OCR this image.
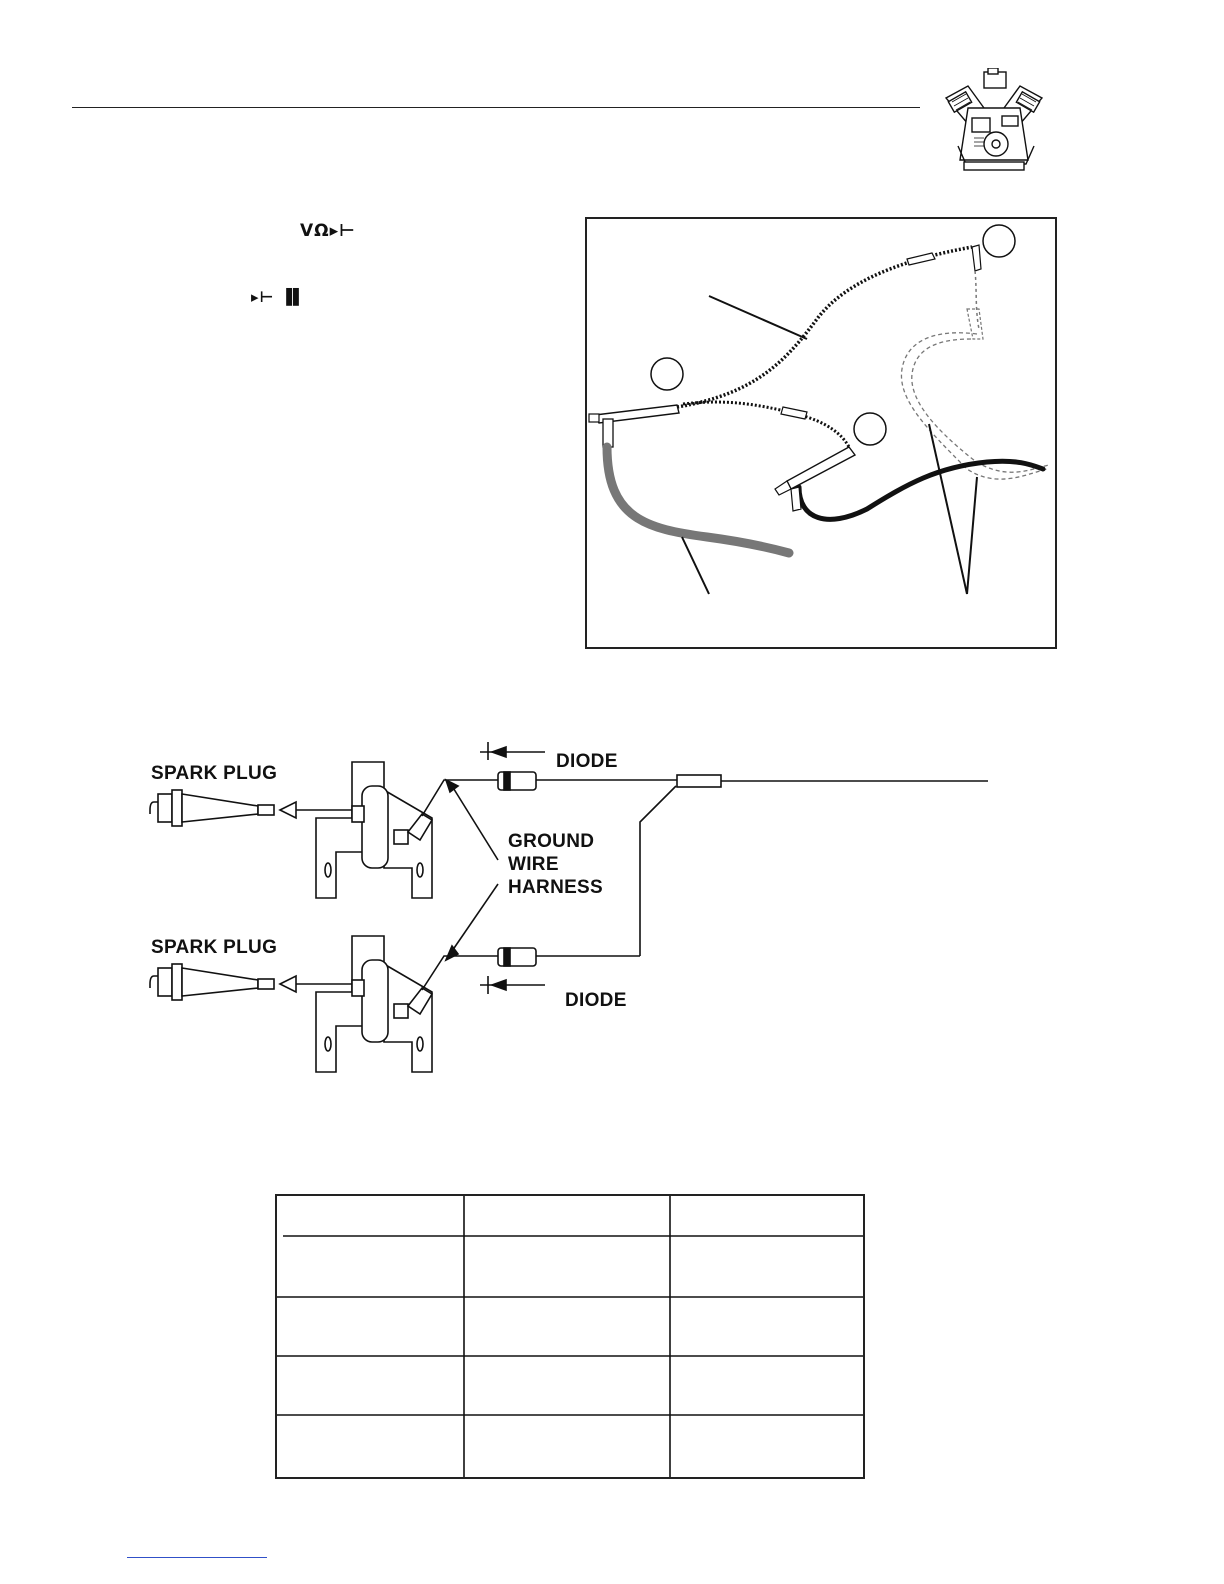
VΩ▸⊢
▸⊢ ▐▌
SPARK PLUG
SPARK PLUG
DIODE
DIODE
GROUND
WIRE
HARNESS
